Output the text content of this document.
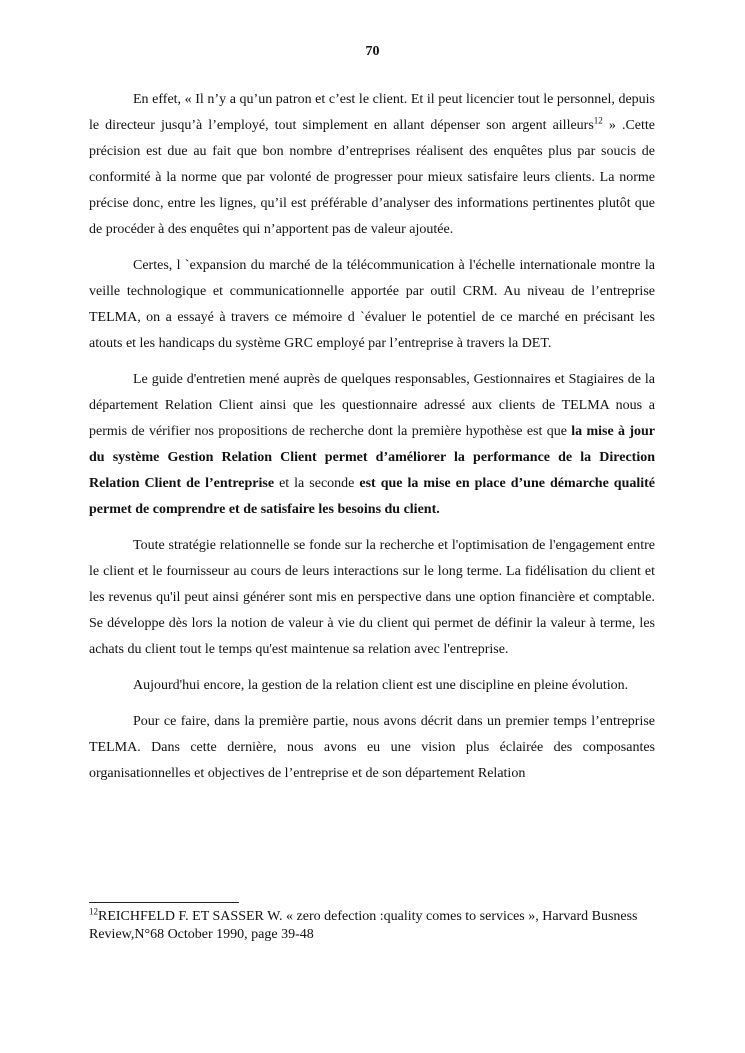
70

En effet, « Il n’y a qu’un patron et c’est le client. Et il peut licencier tout le personnel, depuis le directeur jusqu’à l’employé, tout simplement en allant dépenser son argent ailleurs$^{12}$ » .Cette précision est due au fait que bon nombre d’entreprises réalisent des enquêtes plus par soucis de conformité à la norme que par volonté de progresser pour mieux satisfaire leurs clients. La norme précise donc, entre les lignes, qu’il est préférable d’analyser des informations pertinentes plutôt que de procéder à des enquêtes qui n’apportent pas de valeur ajoutée.

Certes, l `expansion du marché de la télécommunication à l'échelle internationale montre la veille technologique et communicationnelle apportée par outil CRM. Au niveau de l’entreprise TELMA, on a essayé à travers ce mémoire d `évaluer le potentiel de ce marché en précisant les atouts et les handicaps du système GRC employé par l’entreprise à travers la DET.

Le guide d'entretien mené auprès de quelques responsables, Gestionnaires et Stagiaires de la département Relation Client ainsi que les questionnaire adressé aux clients de TELMA nous a permis de vérifier nos propositions de recherche dont la première hypothèse est que la mise à jour du système Gestion Relation Client permet d’améliorer la performance de la Direction Relation Client de l’entreprise et la seconde est que la mise en place d’une démarche qualité permet de comprendre et de satisfaire les besoins du client.

Toute stratégie relationnelle se fonde sur la recherche et l'optimisation de l'engagement entre le client et le fournisseur au cours de leurs interactions sur le long terme. La fidélisation du client et les revenus qu'il peut ainsi générer sont mis en perspective dans une option financière et comptable. Se développe dès lors la notion de valeur à vie du client qui permet de définir la valeur à terme, les achats du client tout le temps qu'est maintenue sa relation avec l'entreprise.

Aujourd'hui encore, la gestion de la relation client est une discipline en pleine évolution.

Pour ce faire, dans la première partie, nous avons décrit dans un premier temps l’entreprise TELMA. Dans cette dernière, nous avons eu une vision plus éclairée des composantes organisationnelles et objectives de l’entreprise et de son département Relation

$^{12}$REICHFELD F. ET SASSER W. « zero defection :quality comes to services », Harvard Busness Review,N°68 October 1990, page 39-48
